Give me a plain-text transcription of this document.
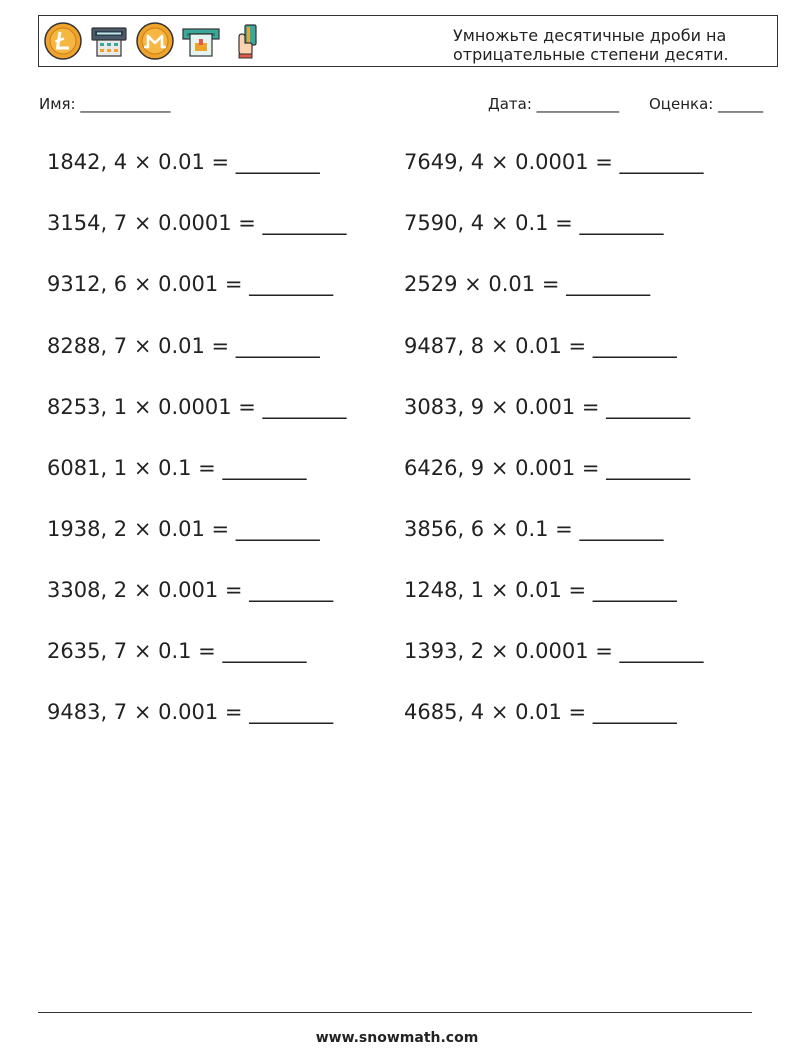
Умножьте десятичные дроби на
отрицательные степени десяти.
Имя: ____________	Дата: ___________ Оценка: ______
1842, 4 × 0.01 = ________
3154, 7 × 0.0001 = ________
9312, 6 × 0.001 = ________
8288, 7 × 0.01 = ________
8253, 1 × 0.0001 = ________
6081, 1 × 0.1 = ________
1938, 2 × 0.01 = ________
3308, 2 × 0.001 = ________
2635, 7 × 0.1 = ________
9483, 7 × 0.001 = ________
7649, 4 × 0.0001 = ________
7590, 4 × 0.1 = ________
2529 × 0.01 = ________
9487, 8 × 0.01 = ________
3083, 9 × 0.001 = ________
6426, 9 × 0.001 = ________
3856, 6 × 0.1 = ________
1248, 1 × 0.01 = ________
1393, 2 × 0.0001 = ________
4685, 4 × 0.01 = ________
www.snowmath.com
